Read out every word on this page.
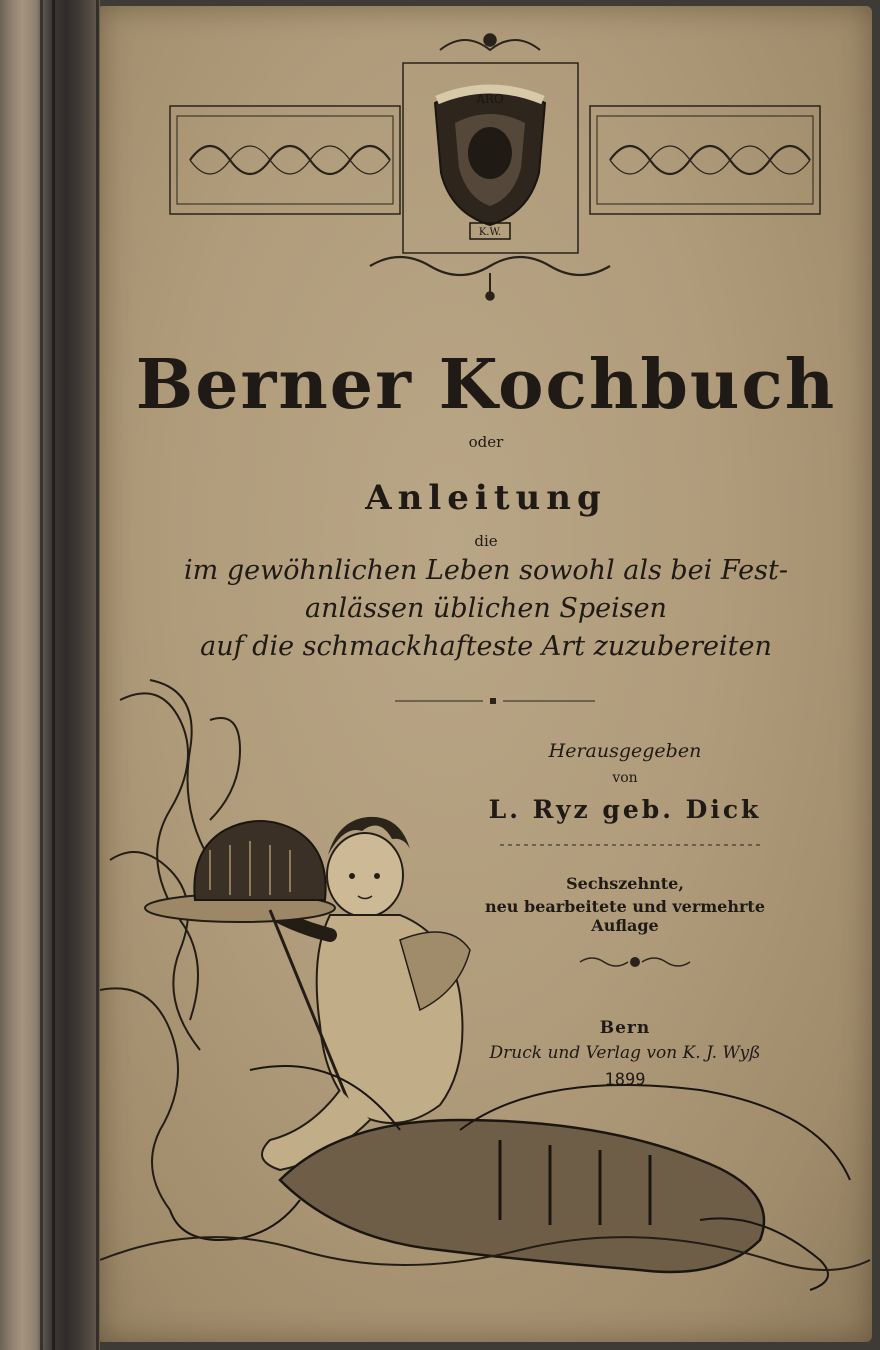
K.W.
ARO
Berner Kochbuch
oder
Anleitung
die
im gewöhnlichen Leben sowohl als bei Fest-
anlässen üblichen Speisen
auf die schmackhafteste Art zuzubereiten
Herausgegeben
von
L. Ryz geb. Dick
Sechszehnte,
neu bearbeitete und vermehrte Auflage
Bern
Druck und Verlag von K. J. Wyß
1899
